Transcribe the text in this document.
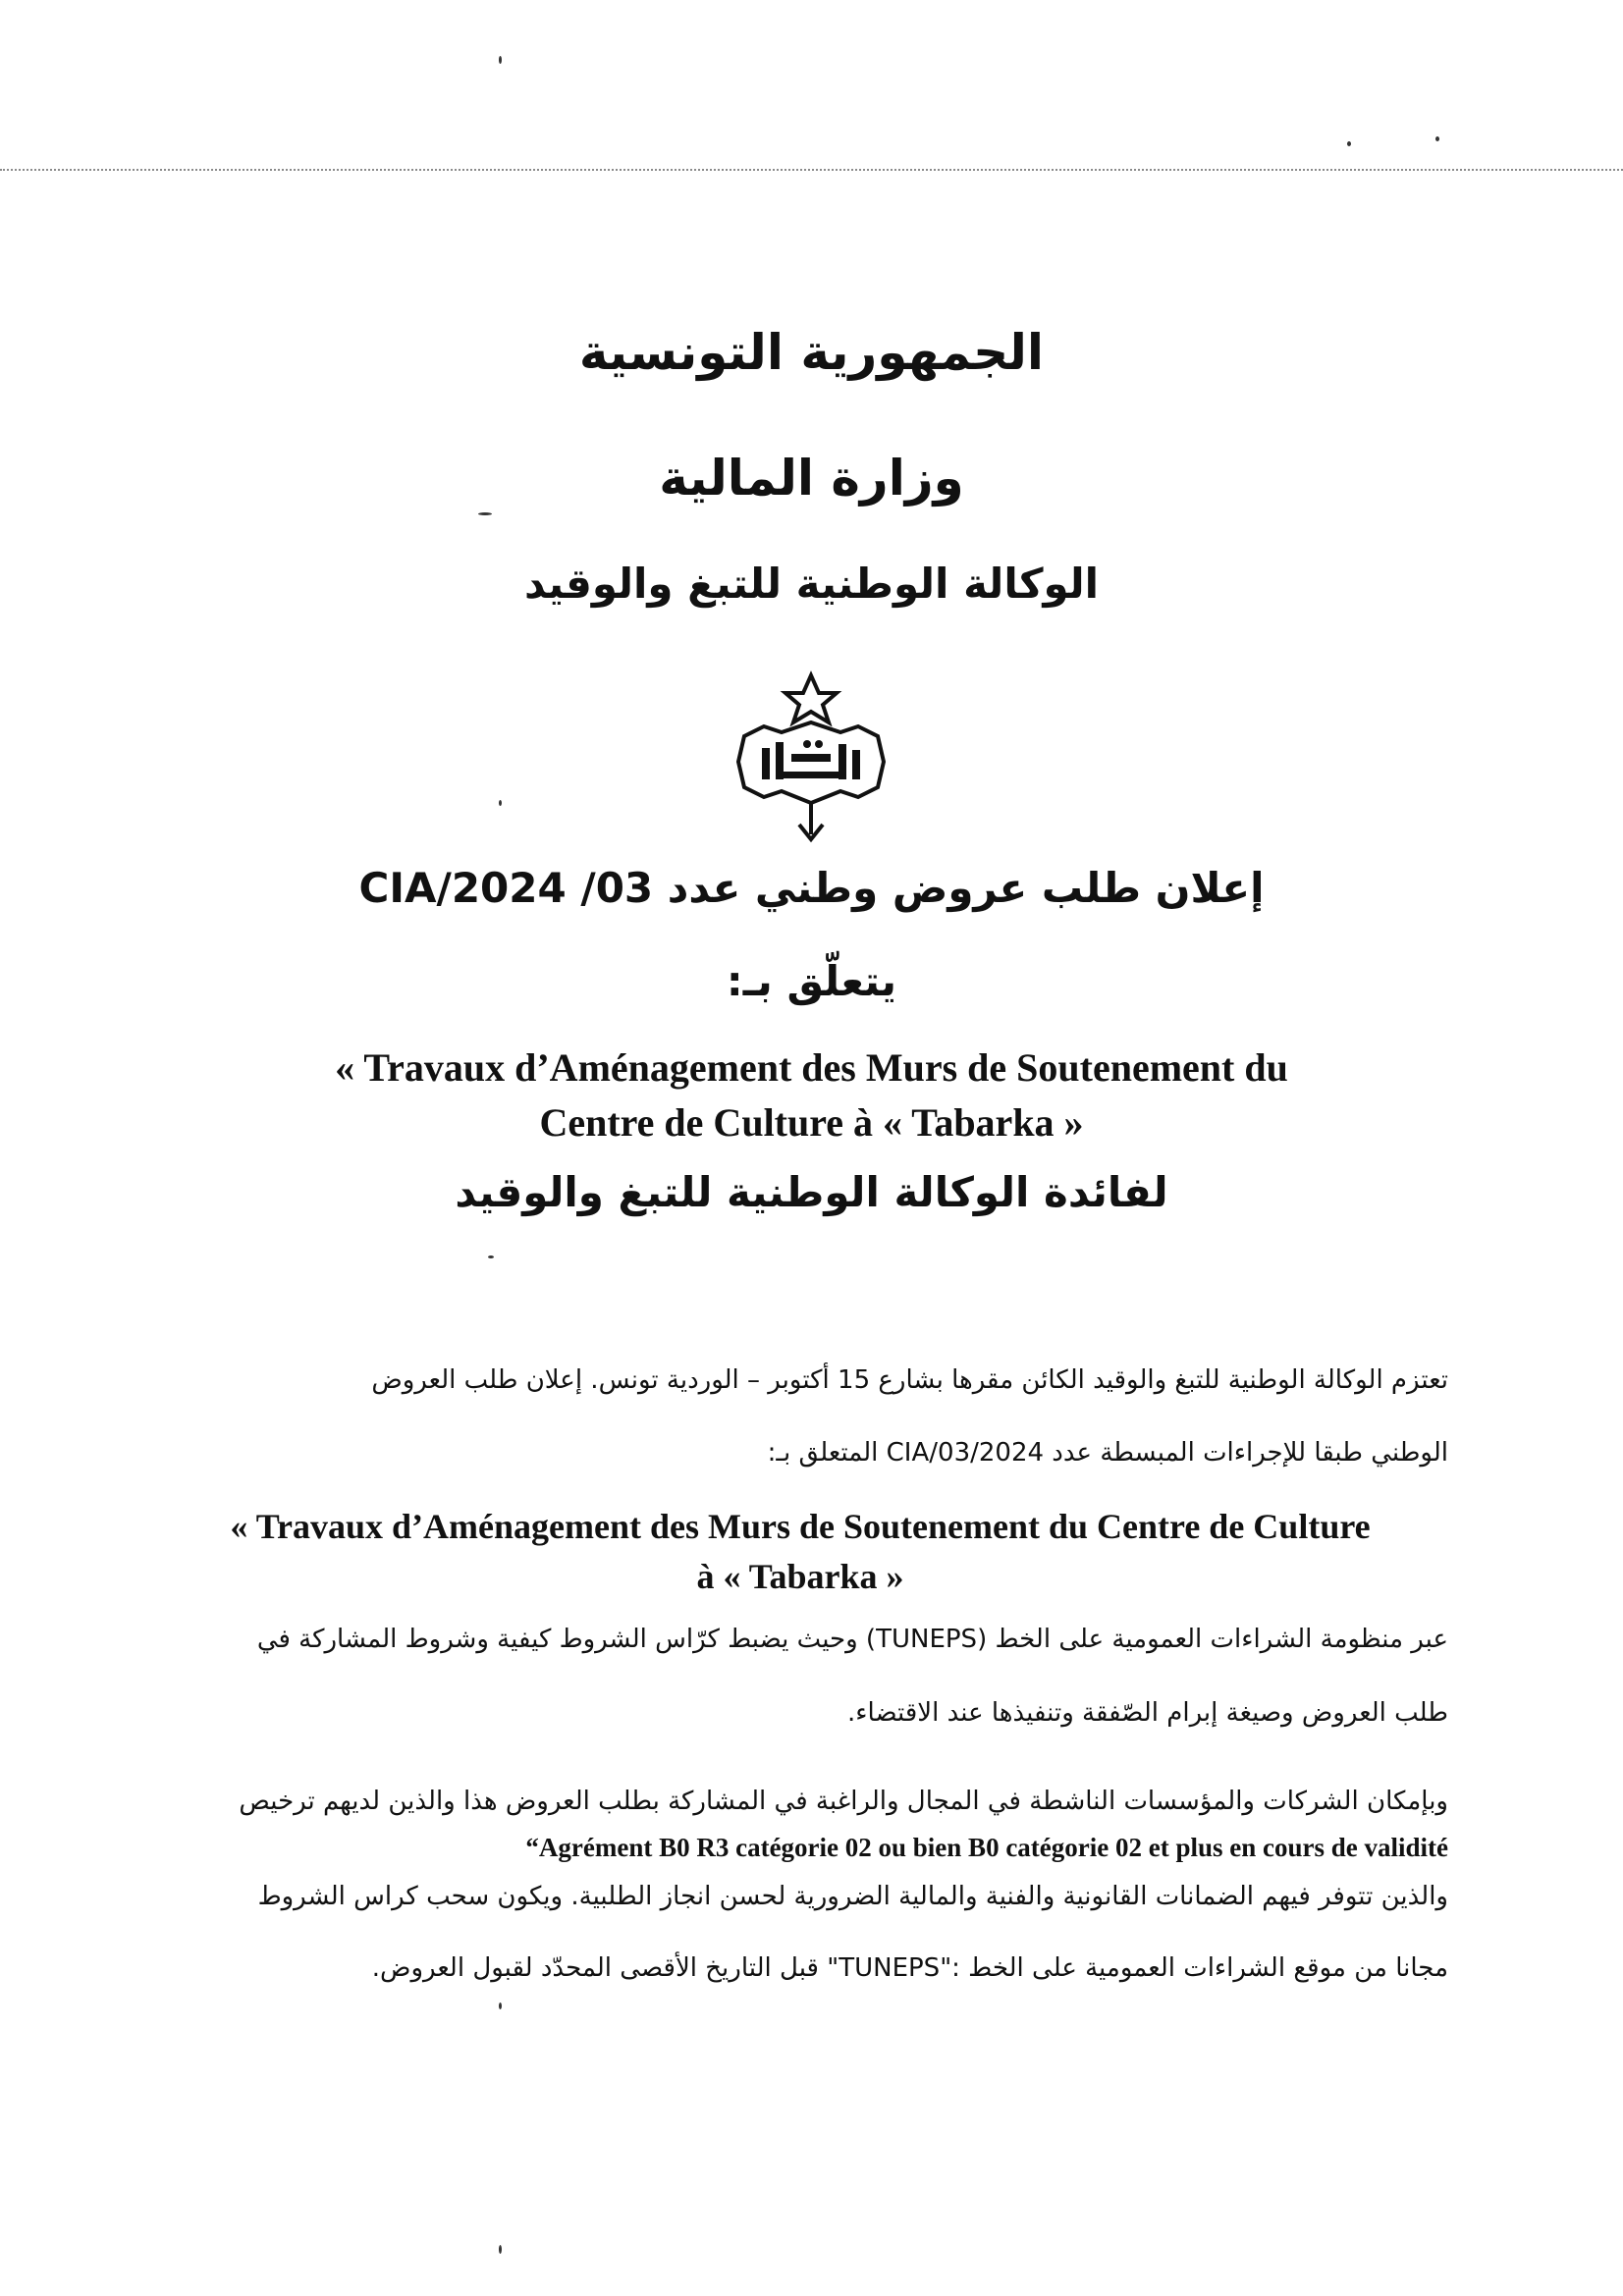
الجمهورية التونسية
وزارة المالية
الوكالة الوطنية للتبغ والوقيد
إعلان طلب عروض وطني عدد 03/ 2024/CIA
يتعلّق بـ:
« Travaux d’Aménagement des Murs de Soutenement du
Centre de Culture à « Tabarka »
لفائدة الوكالة الوطنية للتبغ والوقيد
تعتزم الوكالة الوطنية للتبغ والوقيد الكائن مقرها بشارع 15 أكتوبر – الوردية تونس. إعلان طلب العروض
الوطني طبقا للإجراءات المبسطة عدد 2024/CIA/03 المتعلق بـ:
« Travaux d’Aménagement des Murs de Soutenement du Centre de Culture
à « Tabarka »
عبر منظومة الشراءات العمومية على الخط (TUNEPS) وحيث يضبط كرّاس الشروط كيفية وشروط المشاركة في
طلب العروض وصيغة إبرام الصّفقة وتنفيذها عند الاقتضاء.
وبإمكان الشركات والمؤسسات الناشطة في المجال والراغبة في المشاركة بطلب العروض هذا والذين لديهم ترخيص
“Agrément B0 R3 catégorie 02 ou bien B0 catégorie 02 et plus en cours de validité
والذين تتوفر فيهم الضمانات القانونية والفنية والمالية الضرورية لحسن انجاز الطلبية. ويكون سحب كراس الشروط
مجانا من موقع الشراءات العمومية على الخط :"TUNEPS" قبل التاريخ الأقصى المحدّد لقبول العروض.
